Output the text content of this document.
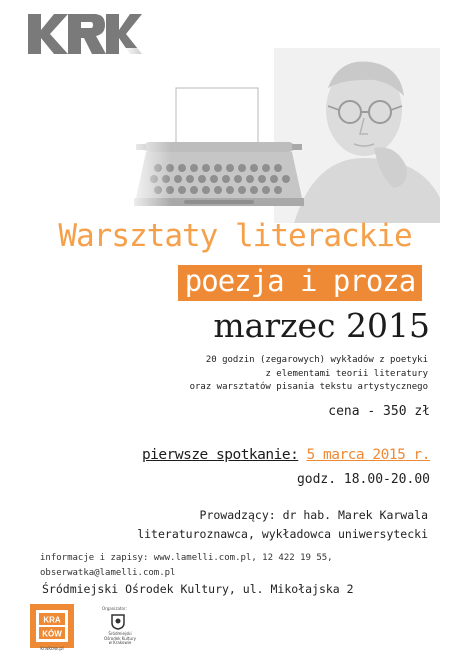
Warsztaty literackie
poezja i proza
marzec 2015
20 godzin (zegarowych) wykładów z poetyki
z elementami teorii literatury
oraz warsztatów pisania tekstu artystycznego
cena - 350 zł
pierwsze spotkanie: 5 marca 2015 r.
godz. 18.00-20.00
Prowadzący: dr hab. Marek Karwala
literaturoznawca, wykładowca uniwersytecki
informacje i zapisy: www.lamelli.com.pl, 12 422 19 55,
obserwatka@lamelli.com.pl
Śródmiejski Ośrodek Kultury, ul. Mikołajska 2
KRA
KÓW
krakow.pl
Organizator:
Śródmiejski
Ośrodek Kultury
w Krakowie
